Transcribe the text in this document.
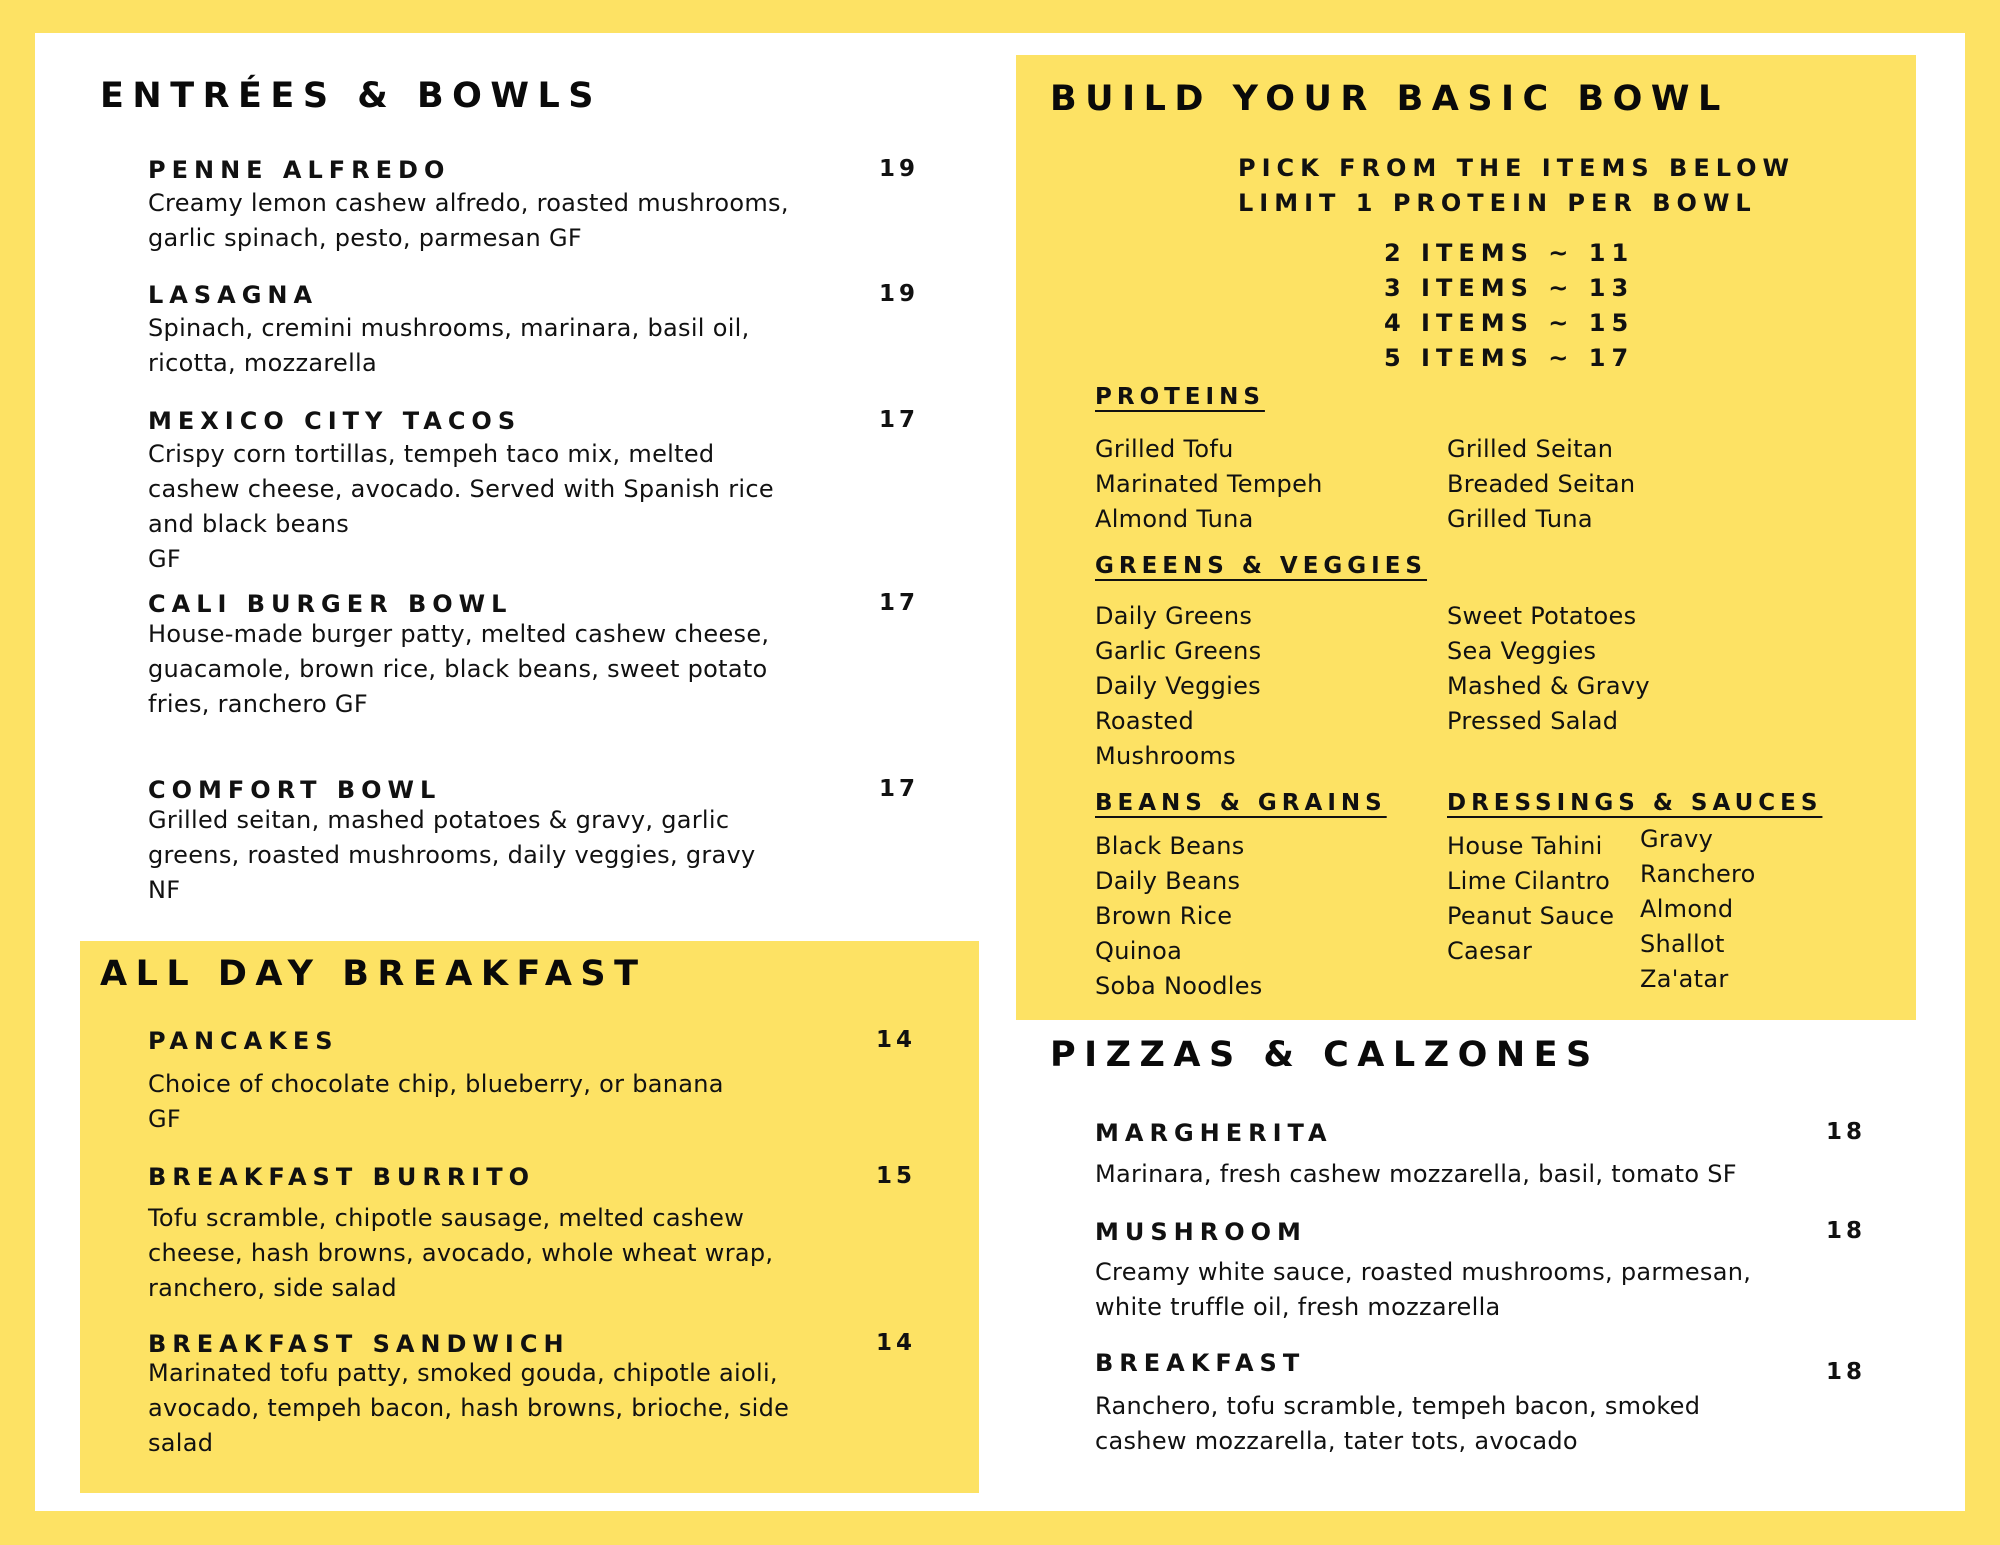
ENTRÉES & BOWLS
PENNE ALFREDO	19
Creamy lemon cashew alfredo, roasted mushrooms,
garlic spinach, pesto, parmesan GF
LASAGNA	19
Spinach, cremini mushrooms, marinara, basil oil,
ricotta, mozzarella
MEXICO CITY TACOS	17
Crispy corn tortillas, tempeh taco mix, melted
cashew cheese, avocado. Served with Spanish rice
and black beans
GF
CALI BURGER BOWL	17
House-made burger patty, melted cashew cheese,
guacamole, brown rice, black beans, sweet potato
fries, ranchero GF
COMFORT BOWL	17
Grilled seitan, mashed potatoes & gravy, garlic
greens, roasted mushrooms, daily veggies, gravy
NF
ALL DAY BREAKFAST
PANCAKES	14
Choice of chocolate chip, blueberry, or banana
GF
BREAKFAST BURRITO	15
Tofu scramble, chipotle sausage, melted cashew
cheese, hash browns, avocado, whole wheat wrap,
ranchero, side salad
BREAKFAST SANDWICH	14
Marinated tofu patty, smoked gouda, chipotle aioli,
avocado, tempeh bacon, hash browns, brioche, side
salad
BUILD YOUR BASIC BOWL
PICK FROM THE ITEMS BELOW
LIMIT 1 PROTEIN PER BOWL
2 ITEMS ~ 11
3 ITEMS ~ 13
4 ITEMS ~ 15
5 ITEMS ~ 17
PROTEINS
Grilled Tofu
Marinated Tempeh
Almond Tuna
Grilled Seitan
Breaded Seitan
Grilled Tuna
GREENS & VEGGIES
Daily Greens
Garlic Greens
Daily Veggies
Roasted
Mushrooms
Sweet Potatoes
Sea Veggies
Mashed & Gravy
Pressed Salad
BEANS & GRAINS
Black Beans
Daily Beans
Brown Rice
Quinoa
Soba Noodles
DRESSINGS & SAUCES
House Tahini
Lime Cilantro
Peanut Sauce
Caesar
Gravy
Ranchero
Almond
Shallot
Za'atar
PIZZAS & CALZONES
MARGHERITA	18
Marinara, fresh cashew mozzarella, basil, tomato SF
MUSHROOM	18
Creamy white sauce, roasted mushrooms, parmesan,
white truffle oil, fresh mozzarella
BREAKFAST	18
Ranchero, tofu scramble, tempeh bacon, smoked
cashew mozzarella, tater tots, avocado
